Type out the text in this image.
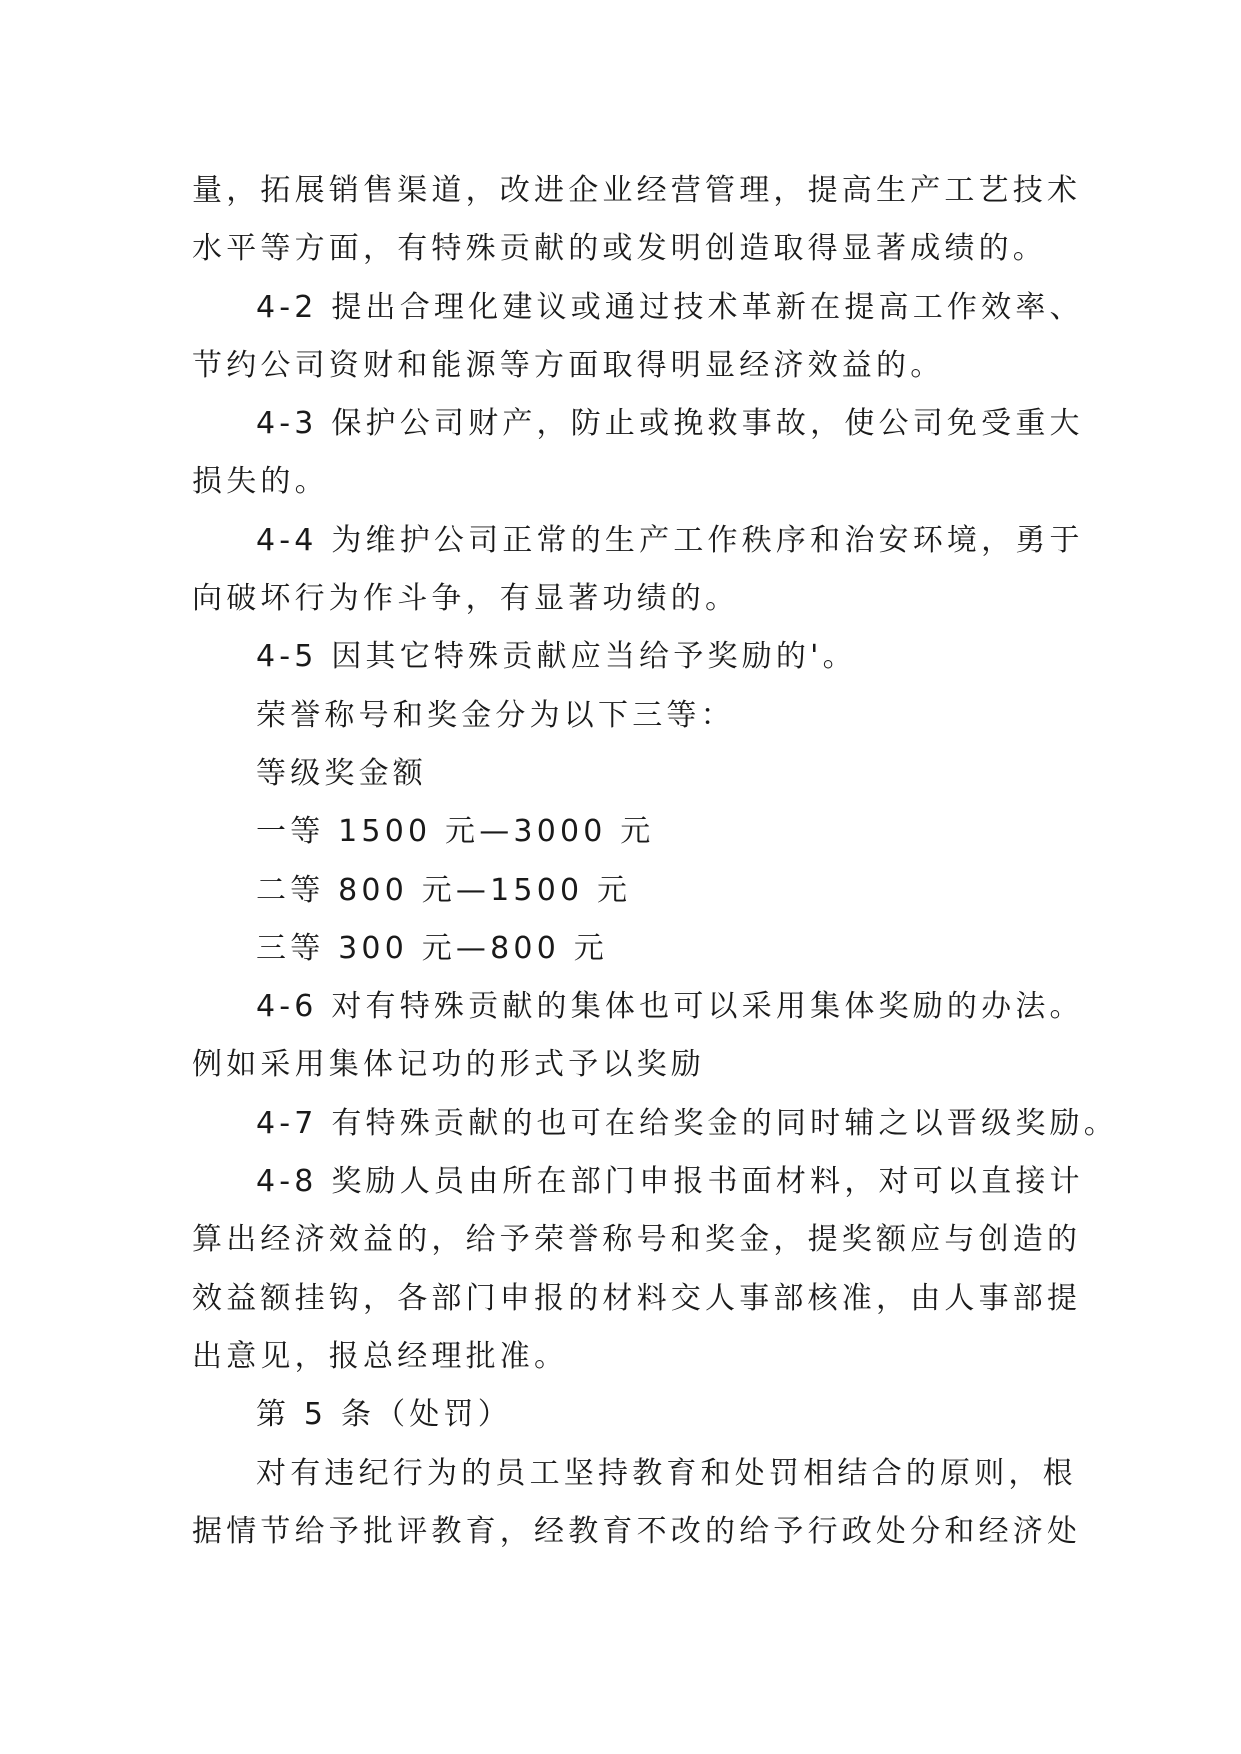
量，拓展销售渠道，改进企业经营管理，提高生产工艺技术
水平等方面，有特殊贡献的或发明创造取得显著成绩的。
4-2 提出合理化建议或通过技术革新在提高工作效率、
节约公司资财和能源等方面取得明显经济效益的。
4-3 保护公司财产，防止或挽救事故，使公司免受重大
损失的。
4-4 为维护公司正常的生产工作秩序和治安环境，勇于
向破坏行为作斗争，有显著功绩的。
4-5 因其它特殊贡献应当给予奖励的'。
荣誉称号和奖金分为以下三等：
等级奖金额
一等 1500 元—3000 元
二等 800 元—1500 元
三等 300 元—800 元
4-6 对有特殊贡献的集体也可以采用集体奖励的办法。
例如采用集体记功的形式予以奖励
4-7 有特殊贡献的也可在给奖金的同时辅之以晋级奖励。
4-8 奖励人员由所在部门申报书面材料，对可以直接计
算出经济效益的，给予荣誉称号和奖金，提奖额应与创造的
效益额挂钩，各部门申报的材料交人事部核准，由人事部提
出意见，报总经理批准。
第 5 条（处罚）
对有违纪行为的员工坚持教育和处罚相结合的原则，根
据情节给予批评教育，经教育不改的给予行政处分和经济处
